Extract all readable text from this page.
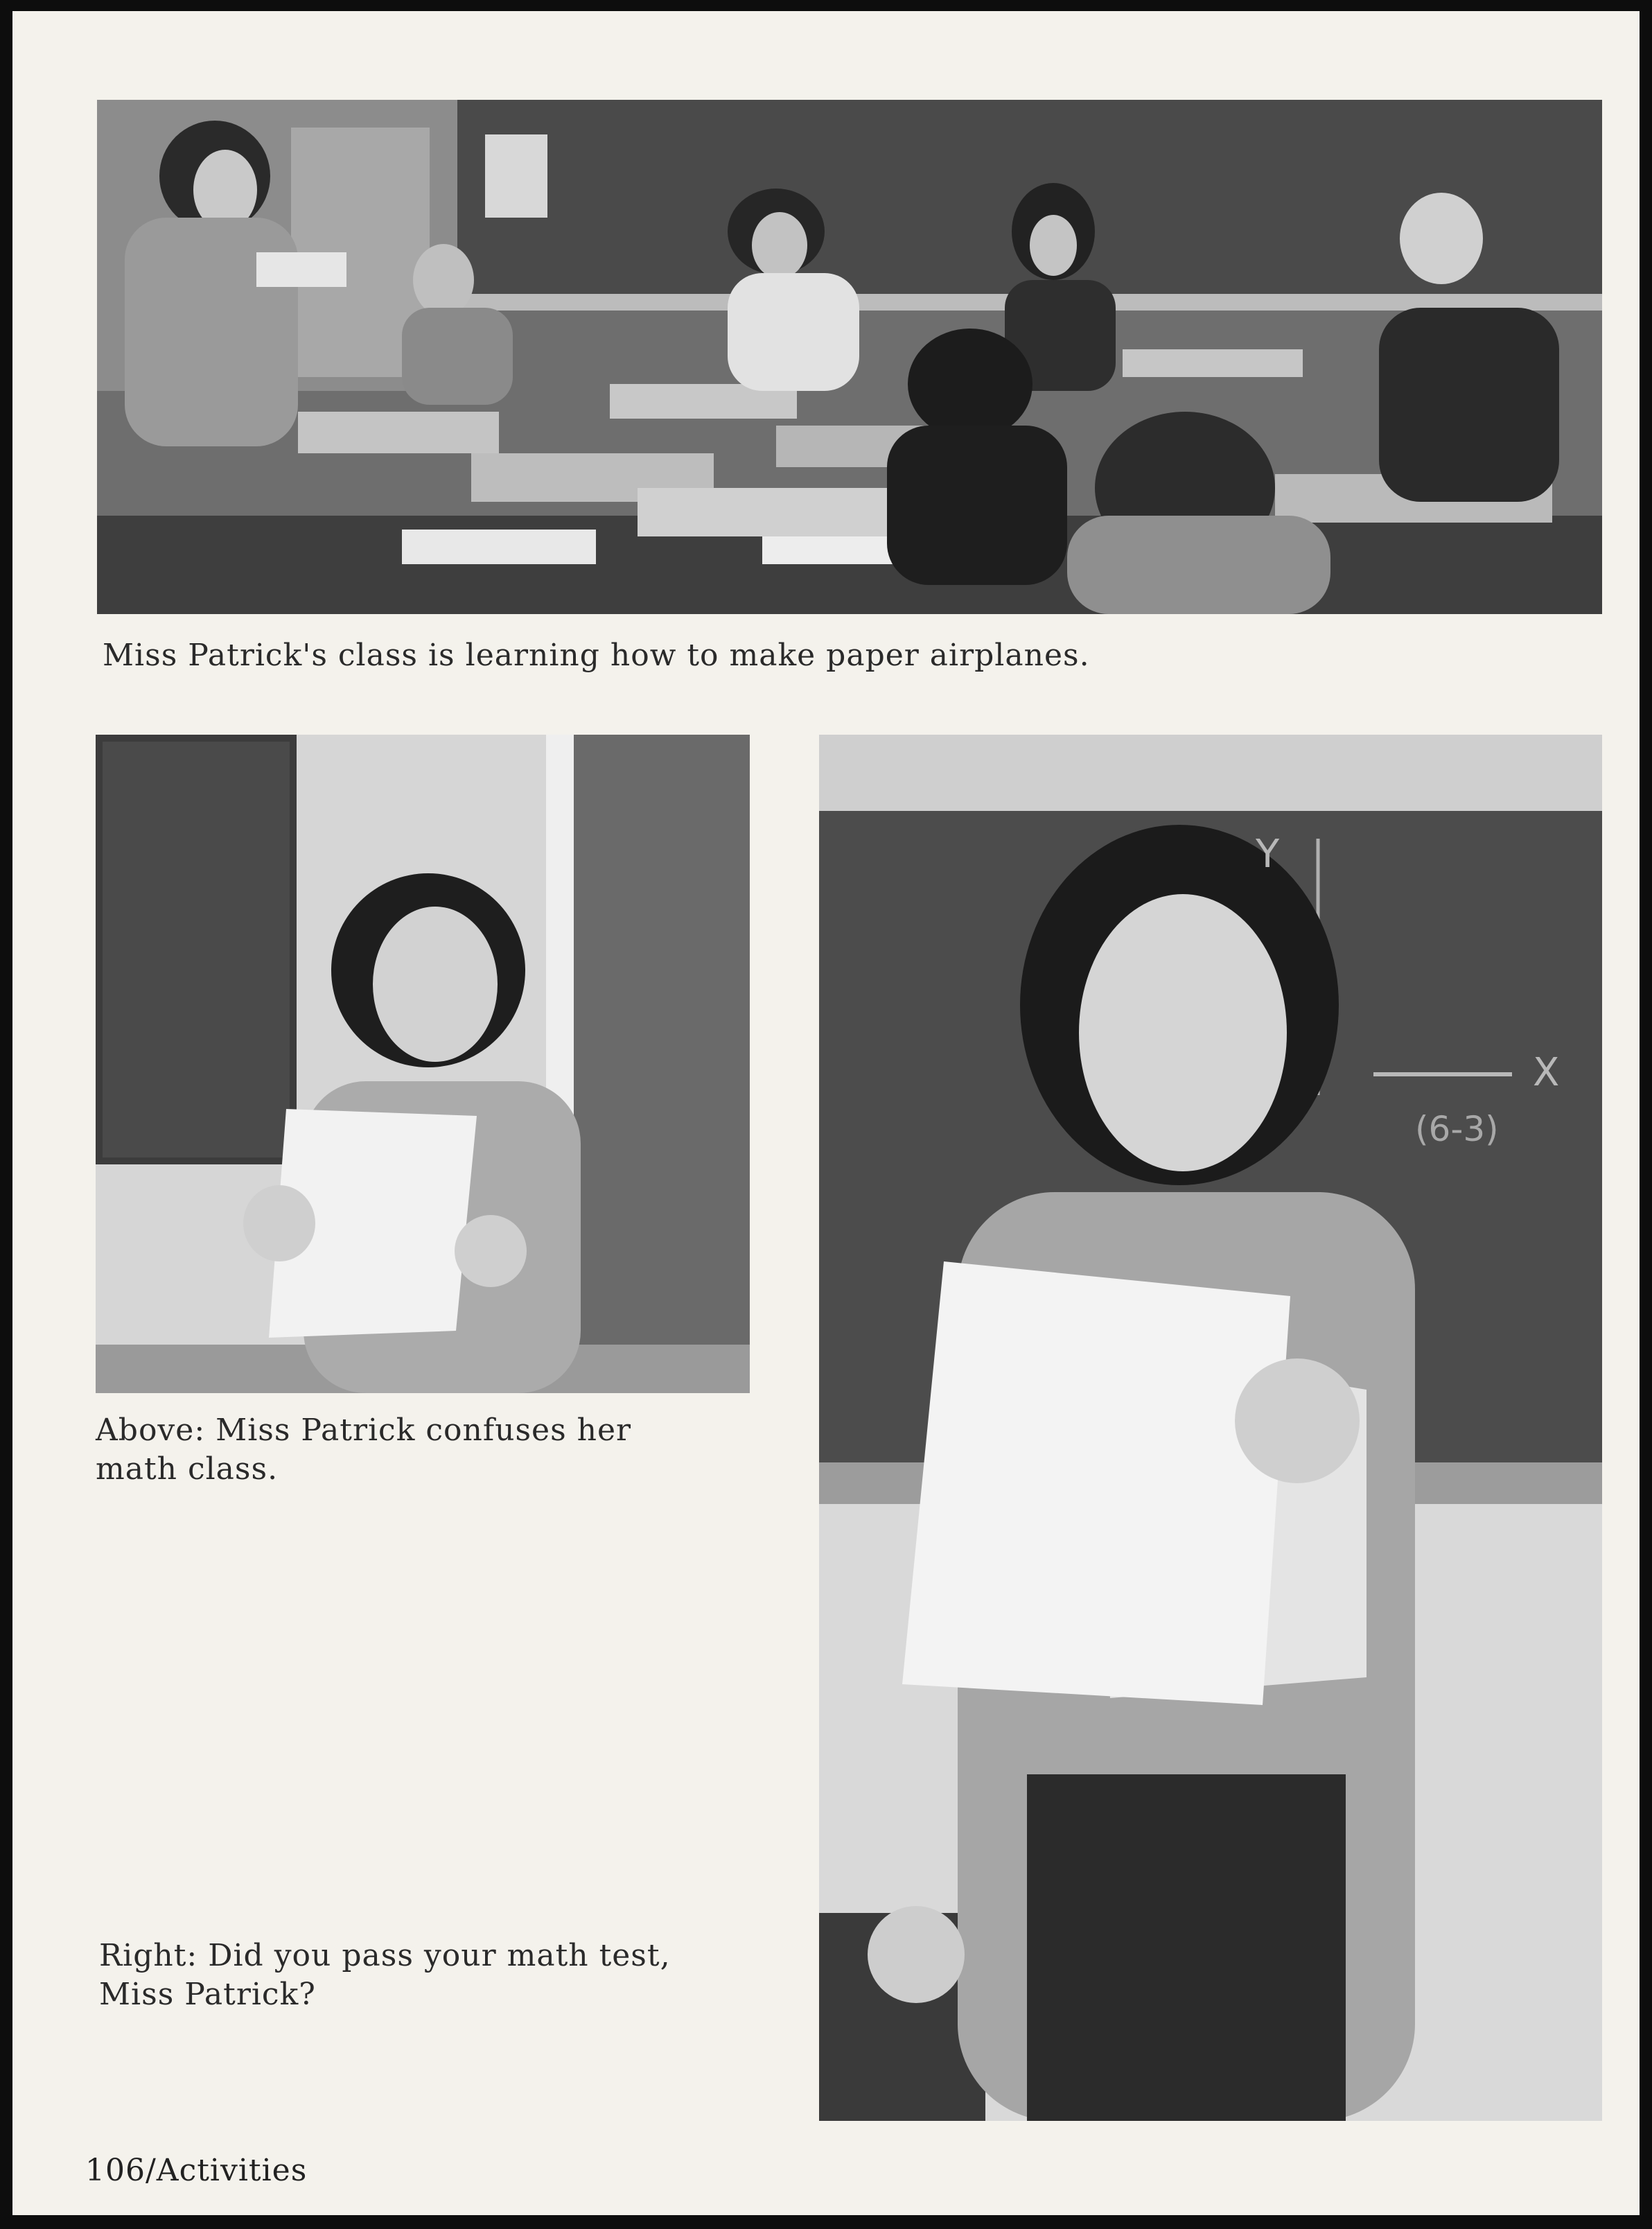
Miss Patrick's class is learning how to make paper airplanes.
Above: Miss Patrick confuses her
math class.
Y
X
(6-3)
Right: Did you pass your math test,
Miss Patrick?
106/Activities
